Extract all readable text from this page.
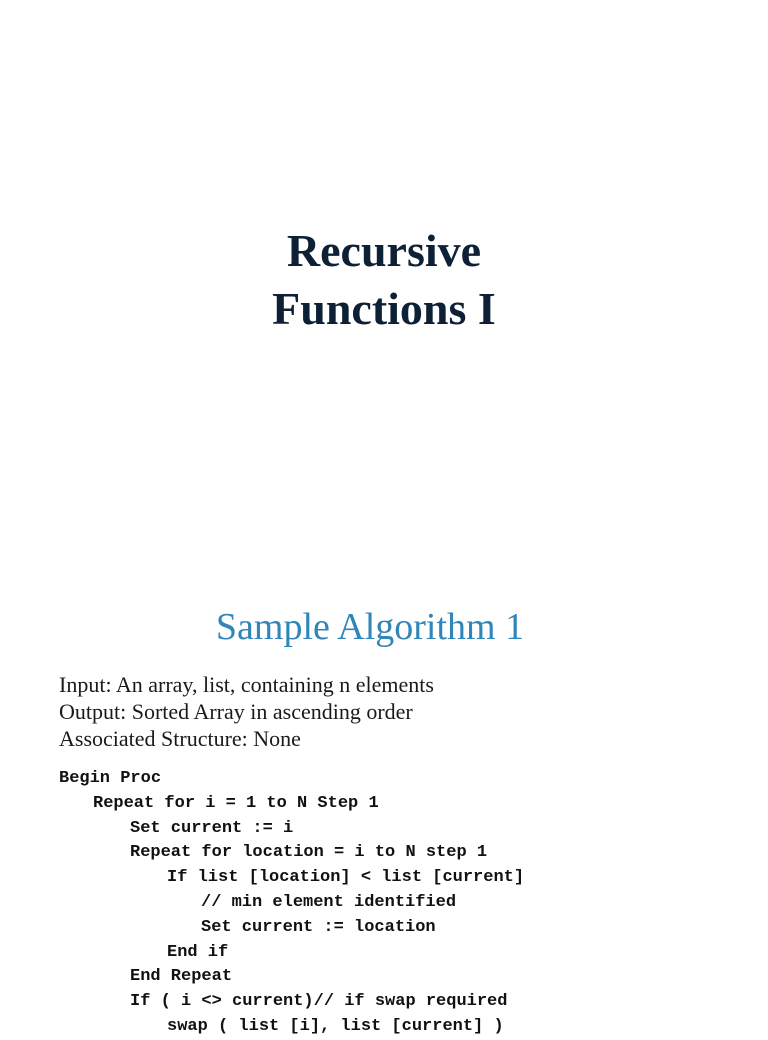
Recursive
Functions I
Sample Algorithm 1
Input: An array, list, containing n elements
Output: Sorted Array in ascending order
Associated Structure: None
Begin Proc
Repeat for i = 1 to N Step 1
Set current := i
Repeat for location = i to N step 1
If list [location] < list [current]
// min element identified
Set current := location
End if
End Repeat
If ( i <> current)// if swap required
swap ( list [i], list [current] )
